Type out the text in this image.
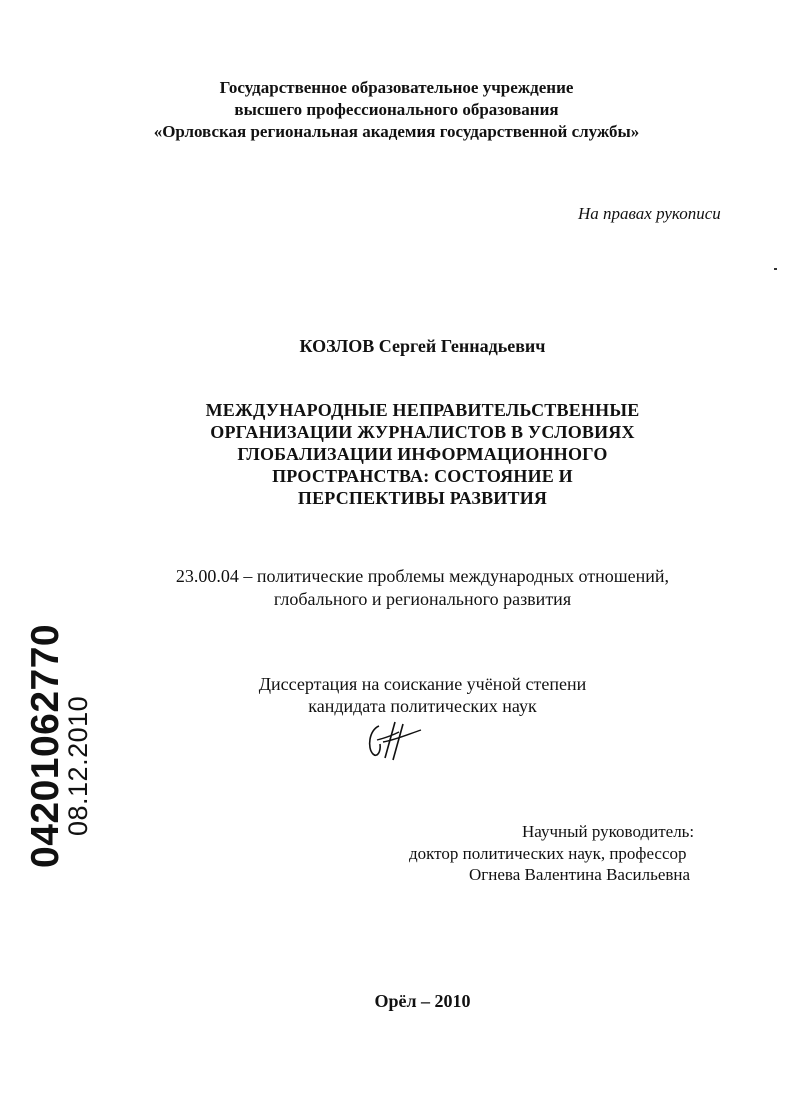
Государственное образовательное учреждение
высшего профессионального образования
«Орловская региональная академия государственной службы»
На правах рукописи
КОЗЛОВ Сергей Геннадьевич
МЕЖДУНАРОДНЫЕ НЕПРАВИТЕЛЬСТВЕННЫЕ
ОРГАНИЗАЦИИ ЖУРНАЛИСТОВ В УСЛОВИЯХ
ГЛОБАЛИЗАЦИИ ИНФОРМАЦИОННОГО
ПРОСТРАНСТВА: СОСТОЯНИЕ И
ПЕРСПЕКТИВЫ РАЗВИТИЯ
23.00.04 – политические проблемы международных отношений,
глобального и регионального развития
Диссертация на соискание учёной степени
кандидата политических наук
Научный руководитель:
доктор политических наук, профессор
Огнева Валентина Васильевна
Орёл – 2010
04201062770
08.12.2010
